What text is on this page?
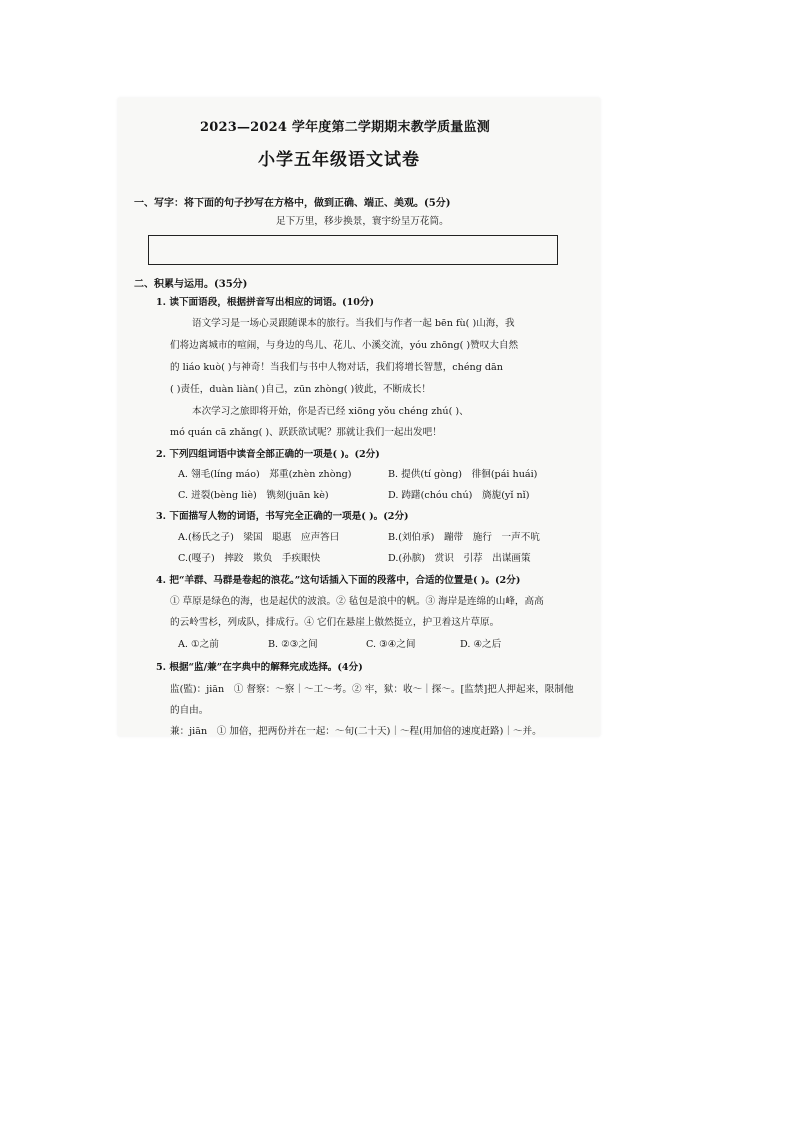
2023—2024 学年度第二学期期末教学质量监测
小学五年级语文试卷
一、写字：将下面的句子抄写在方格中，做到正确、端正、美观。(5分)
足下万里，移步换景，寰宇纷呈万花筒。
二、积累与运用。(35分)
1. 读下面语段，根据拼音写出相应的词语。(10分)
语文学习是一场心灵跟随课本的旅行。当我们与作者一起 bēn fù( )山海，我
们将边离城市的喧闹，与身边的鸟儿、花儿、小溪交流，yóu zhōng( )赞叹大自然
的 liáo kuò( )与神奇！当我们与书中人物对话，我们将增长智慧，chéng dān
( )责任，duàn liàn( )自己，zūn zhòng( )彼此，不断成长！
本次学习之旅即将开始，你是否已经 xiōng yǒu chéng zhú( )、
mó quán cā zhǎng( )、跃跃欲试呢？那就让我们一起出发吧！
2. 下列四组词语中读音全部正确的一项是( )。(2分)
A. 翎毛(líng máo)　郑重(zhèn zhòng)	B. 提供(tí gòng)　徘徊(pái huái)
C. 迸裂(bèng liè)　镌刻(juān kè)	D. 踌躇(chóu chú)　旖旎(yǐ nǐ)
3. 下面描写人物的词语，书写完全正确的一项是( )。(2分)
A.(杨氏之子)　梁国　聪惠　应声答曰	B.(刘伯承)　蹦带　施行　一声不吭
C.(嘎子)　摔跤　欺负　手疾眼快	D.(孙膑)　赏识　引荐　出谋画策
4. 把“羊群、马群是卷起的浪花。”这句话插入下面的段落中，合适的位置是( )。(2分)
① 草原是绿色的海，也是起伏的波浪。② 毡包是浪中的帆。③ 海岸是连绵的山峰，高高
的云岭雪杉，列成队，排成行。④ 它们在悬崖上傲然挺立，护卫着这片草原。
A. ①之前	B. ②③之间	C. ③④之间	D. ④之后
5. 根据“监/兼”在字典中的解释完成选择。(4分)
监(監)：jiān　① 督察：～察｜～工～考。② 牢，狱：收～｜探～。[监禁]把人押起来，限制他
的自由。
兼：jiān　① 加倍，把两份并在一起：～旬(二十天)｜～程(用加倍的速度赶路)｜～并。
